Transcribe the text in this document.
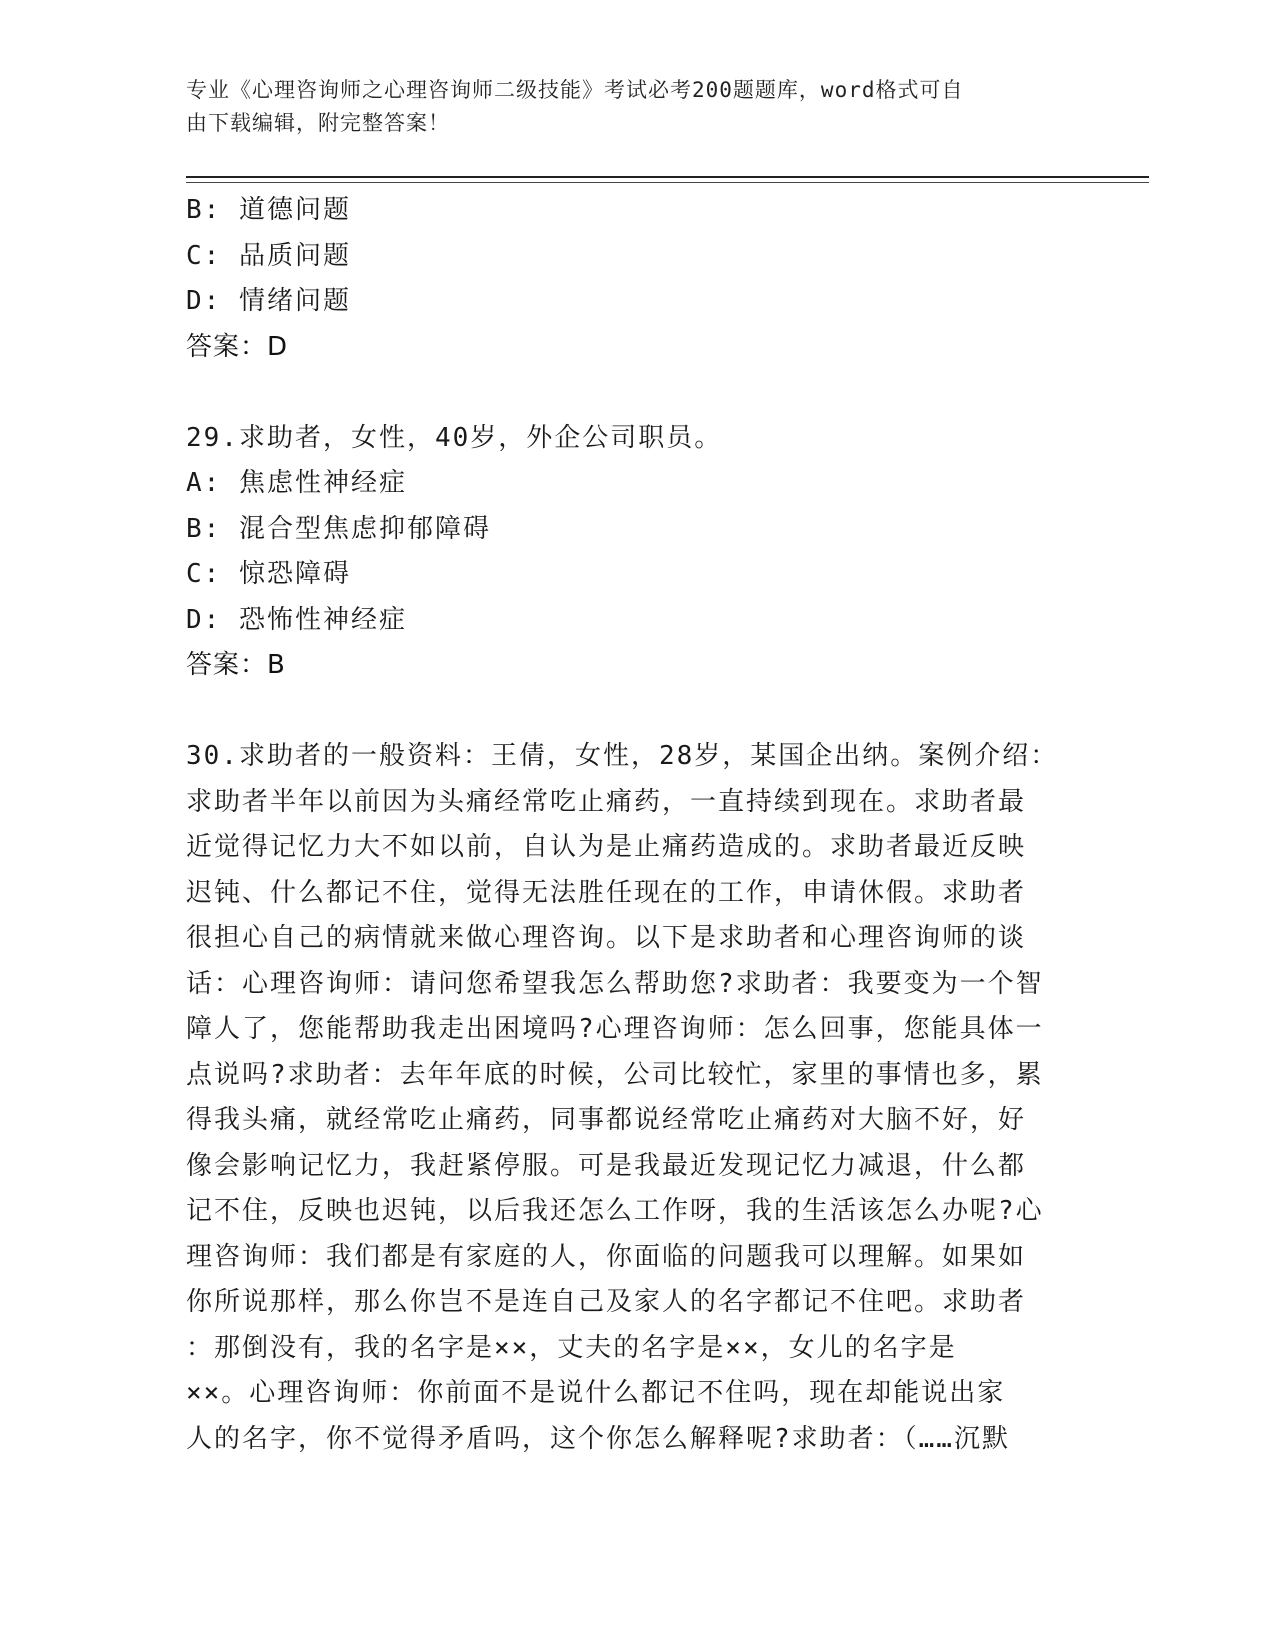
专业《心理咨询师之心理咨询师二级技能》考试必考200题题库，word格式可自
由下载编辑，附完整答案！
B: 道德问题
C: 品质问题
D: 情绪问题
答案：D
29.求助者，女性，40岁，外企公司职员。
A: 焦虑性神经症
B: 混合型焦虑抑郁障碍
C: 惊恐障碍
D: 恐怖性神经症
答案：B
30.求助者的一般资料：王倩，女性，28岁，某国企出纳。案例介绍：
求助者半年以前因为头痛经常吃止痛药，一直持续到现在。求助者最
近觉得记忆力大不如以前，自认为是止痛药造成的。求助者最近反映
迟钝、什么都记不住，觉得无法胜任现在的工作，申请休假。求助者
很担心自己的病情就来做心理咨询。以下是求助者和心理咨询师的谈
话：心理咨询师：请问您希望我怎么帮助您?求助者：我要变为一个智
障人了，您能帮助我走出困境吗?心理咨询师：怎么回事，您能具体一
点说吗?求助者：去年年底的时候，公司比较忙，家里的事情也多，累
得我头痛，就经常吃止痛药，同事都说经常吃止痛药对大脑不好，好
像会影响记忆力，我赶紧停服。可是我最近发现记忆力减退，什么都
记不住，反映也迟钝，以后我还怎么工作呀，我的生活该怎么办呢?心
理咨询师：我们都是有家庭的人，你面临的问题我可以理解。如果如
你所说那样，那么你岂不是连自己及家人的名字都记不住吧。求助者
：那倒没有，我的名字是××，丈夫的名字是××，女儿的名字是
××。心理咨询师：你前面不是说什么都记不住吗，现在却能说出家
人的名字，你不觉得矛盾吗，这个你怎么解释呢?求助者：（……沉默
